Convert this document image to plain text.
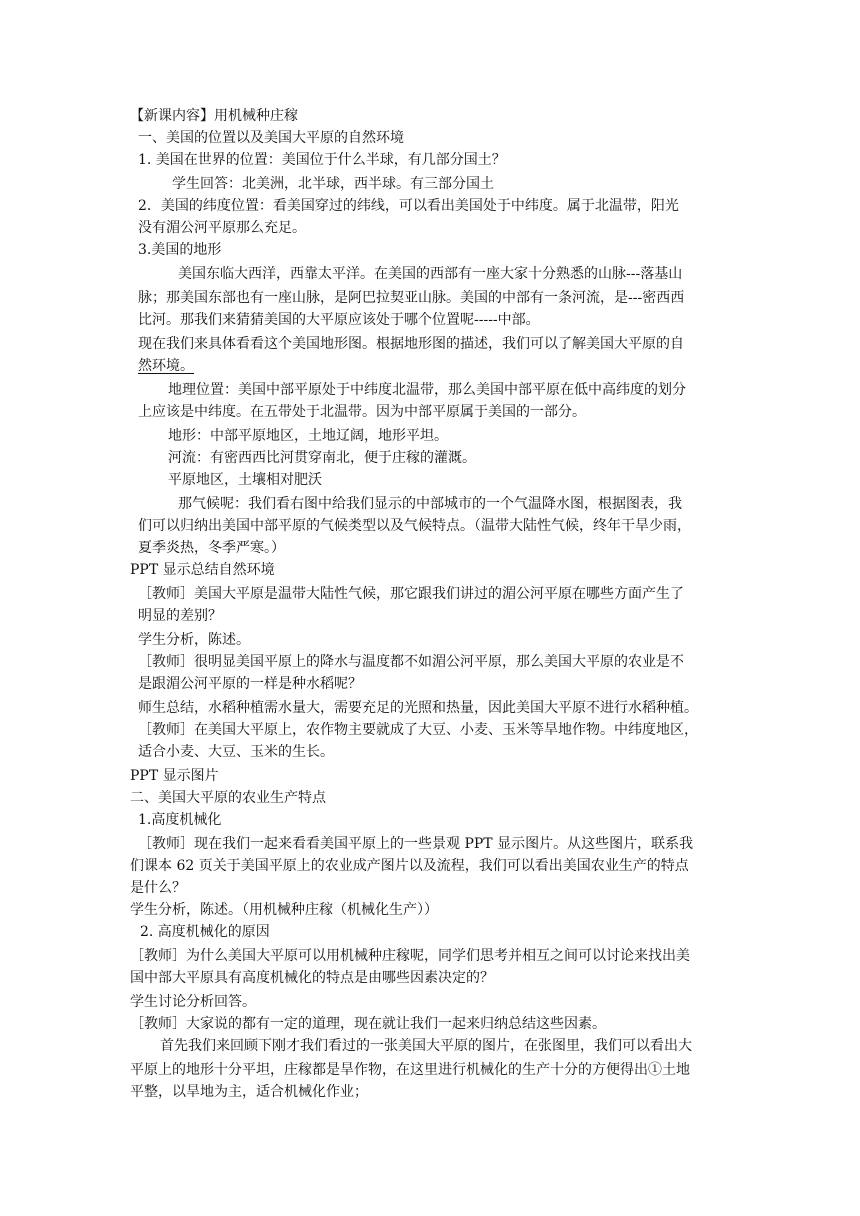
【新课内容】用机械种庄稼

一、美国的位置以及美国大平原的自然环境

1. 美国在世界的位置：美国位于什么半球，有几部分国土？

学生回答：北美洲，北半球，西半球。有三部分国土

2．美国的纬度位置：看美国穿过的纬线，可以看出美国处于中纬度。属于北温带，阳光

没有湄公河平原那么充足。

3.美国的地形

美国东临大西洋，西靠太平洋。在美国的西部有一座大家十分熟悉的山脉---落基山

脉；那美国东部也有一座山脉，是阿巴拉契亚山脉。美国的中部有一条河流，是---密西西

比河。那我们来猜猜美国的大平原应该处于哪个位置呢-----中部。

现在我们来具体看看这个美国地形图。根据地形图的描述，我们可以了解美国大平原的自

然环境。

地理位置：美国中部平原处于中纬度北温带，那么美国中部平原在低中高纬度的划分

上应该是中纬度。在五带处于北温带。因为中部平原属于美国的一部分。

地形：中部平原地区，土地辽阔，地形平坦。

河流：有密西西比河贯穿南北，便于庄稼的灌溉。

平原地区，土壤相对肥沃

那气候呢：我们看右图中给我们显示的中部城市的一个气温降水图，根据图表，我

们可以归纳出美国中部平原的气候类型以及气候特点。（温带大陆性气候，终年干旱少雨，

夏季炎热，冬季严寒。）

PPT 显示总结自然环境

［教师］美国大平原是温带大陆性气候，那它跟我们讲过的湄公河平原在哪些方面产生了

明显的差别？

学生分析，陈述。

［教师］很明显美国平原上的降水与温度都不如湄公河平原，那么美国大平原的农业是不

是跟湄公河平原的一样是种水稻呢？

师生总结，水稻种植需水量大，需要充足的光照和热量，因此美国大平原不进行水稻种植。

［教师］在美国大平原上，农作物主要就成了大豆、小麦、玉米等旱地作物。中纬度地区，

适合小麦、大豆、玉米的生长。

PPT 显示图片

二、美国大平原的农业生产特点

1.高度机械化

［教师］现在我们一起来看看美国平原上的一些景观 PPT 显示图片。从这些图片，联系我

们课本 62 页关于美国平原上的农业成产图片以及流程，我们可以看出美国农业生产的特点

是什么？

学生分析，陈述。（用机械种庄稼（机械化生产））

2. 高度机械化的原因

［教师］为什么美国大平原可以用机械种庄稼呢，同学们思考并相互之间可以讨论来找出美

国中部大平原具有高度机械化的特点是由哪些因素决定的？

学生讨论分析回答。

［教师］大家说的都有一定的道理，现在就让我们一起来归纳总结这些因素。

首先我们来回顾下刚才我们看过的一张美国大平原的图片，在张图里，我们可以看出大

平原上的地形十分平坦，庄稼都是旱作物，在这里进行机械化的生产十分的方便得出①土地

平整，以旱地为主，适合机械化作业；
